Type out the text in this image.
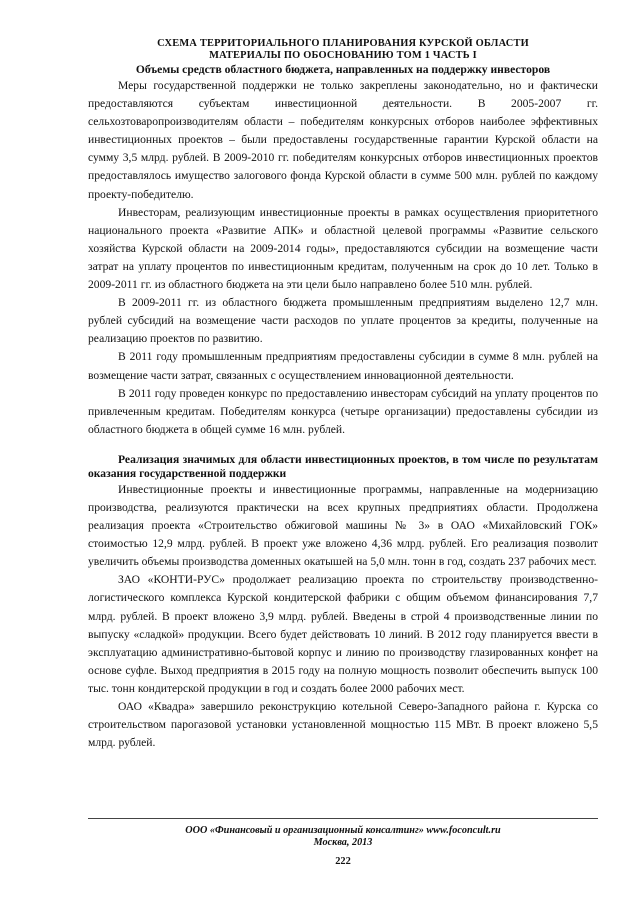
СХЕМА ТЕРРИТОРИАЛЬНОГО ПЛАНИРОВАНИЯ КУРСКОЙ ОБЛАСТИ
МАТЕРИАЛЫ ПО ОБОСНОВАНИЮ ТОМ 1 ЧАСТЬ I
Объемы средств областного бюджета, направленных на поддержку инвесторов

Меры государственной поддержки не только закреплены законодательно, но и фактически предоставляются субъектам инвестиционной деятельности. В 2005-2007 гг. сельхозтоваропроизводителям области – победителям конкурсных отборов наиболее эффективных инвестиционных проектов – были предоставлены государственные гарантии Курской области на сумму 3,5 млрд. рублей. В 2009-2010 гг. победителям конкурсных отборов инвестиционных проектов предоставлялось имущество залогового фонда Курской области в сумме 500 млн. рублей по каждому проекту-победителю.

Инвесторам, реализующим инвестиционные проекты в рамках осуществления приоритетного национального проекта «Развитие АПК» и областной целевой программы «Развитие сельского хозяйства Курской области на 2009-2014 годы», предоставляются субсидии на возмещение части затрат на уплату процентов по инвестиционным кредитам, полученным на срок до 10 лет. Только в 2009-2011 гг. из областного бюджета на эти цели было направлено более 510 млн. рублей.

В 2009-2011 гг. из областного бюджета промышленным предприятиям выделено 12,7 млн. рублей субсидий на возмещение части расходов по уплате процентов за кредиты, полученные на реализацию проектов по развитию.

В 2011 году промышленным предприятиям предоставлены субсидии в сумме 8 млн. рублей на возмещение части затрат, связанных с осуществлением инновационной деятельности.

В 2011 году проведен конкурс по предоставлению инвесторам субсидий на уплату процентов по привлеченным кредитам. Победителям конкурса (четыре организации) предоставлены субсидии из областного бюджета в общей сумме 16 млн. рублей.

Реализация значимых для области инвестиционных проектов, в том числе по результатам оказания государственной поддержки

Инвестиционные проекты и инвестиционные программы, направленные на модернизацию производства, реализуются практически на всех крупных предприятиях области. Продолжена реализация проекта «Строительство обжиговой машины № 3» в ОАО «Михайловский ГОК» стоимостью 12,9 млрд. рублей. В проект уже вложено 4,36 млрд. рублей. Его реализация позволит увеличить объемы производства доменных окатышей на 5,0 млн. тонн в год, создать 237 рабочих мест.

ЗАО «КОНТИ-РУС» продолжает реализацию проекта по строительству производственно-логистического комплекса Курской кондитерской фабрики с общим объемом финансирования 7,7 млрд. рублей. В проект вложено 3,9 млрд. рублей. Введены в строй 4 производственные линии по выпуску «сладкой» продукции. Всего будет действовать 10 линий. В 2012 году планируется ввести в эксплуатацию административно-бытовой корпус и линию по производству глазированных конфет на основе суфле. Выход предприятия в 2015 году на полную мощность позволит обеспечить выпуск 100 тыс. тонн кондитерской продукции в год и создать более 2000 рабочих мест.

ОАО «Квадра» завершило реконструкцию котельной Северо-Западного района г. Курска со строительством парогазовой установки установленной мощностью 115 МВт. В проект вложено 5,5 млрд. рублей.

ООО «Финансовый и организационный консалтинг» www.foconcult.ru
Москва, 2013
222
